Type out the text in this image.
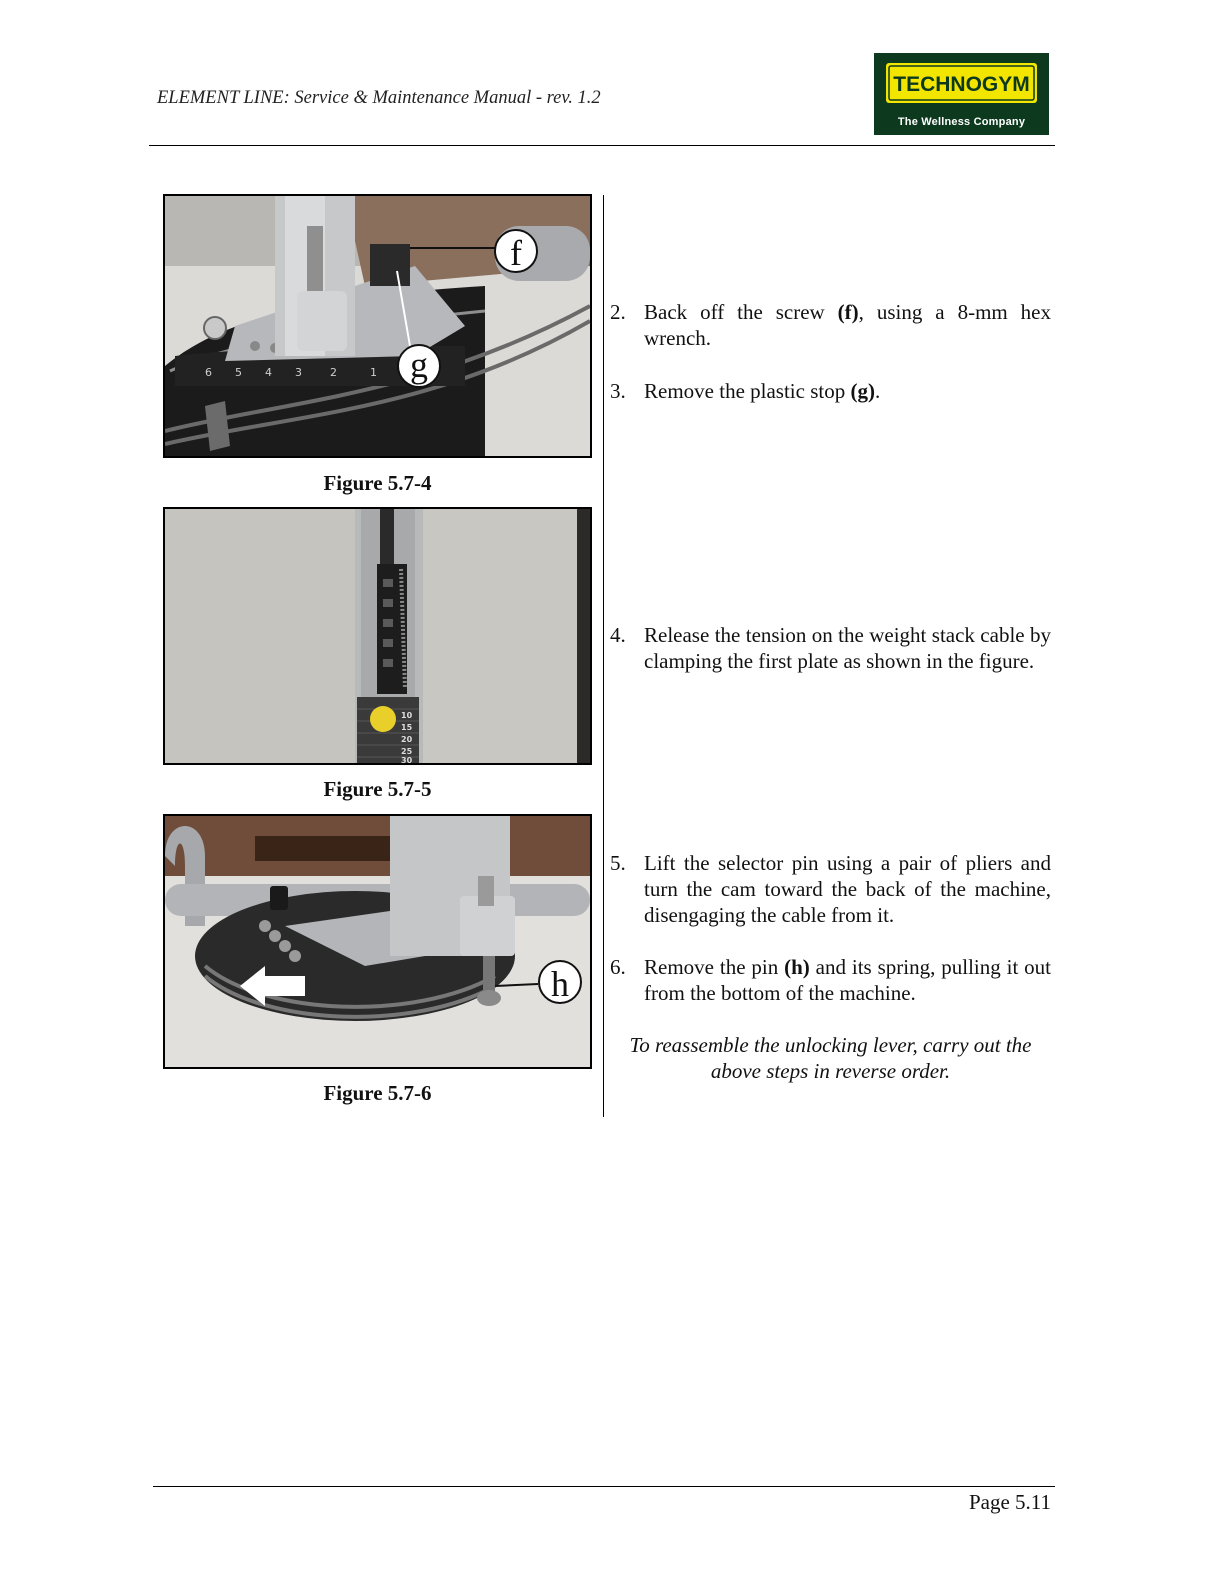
ELEMENT LINE: Service & Maintenance Manual - rev. 1.2
TECHNOGYM
The Wellness Company
6 5 4 3	2	1
f
g
Figure 5.7-4
10
15
20
25
30
Figure 5.7-5
h
Figure 5.7-6
2. Back off the screw (f), using a 8-mm hex wrench.
3. Remove the plastic stop (g).
4. Release the tension on the weight stack cable by clamping the first plate as shown in the figure.
5. Lift the selector pin using a pair of pliers and turn the cam toward the back of the machine, disengaging the cable from it.
6. Remove the pin (h) and its spring, pulling it out from the bottom of the machine.
To reassemble the unlocking lever, carry out the above steps in reverse order.
Page 5.11
